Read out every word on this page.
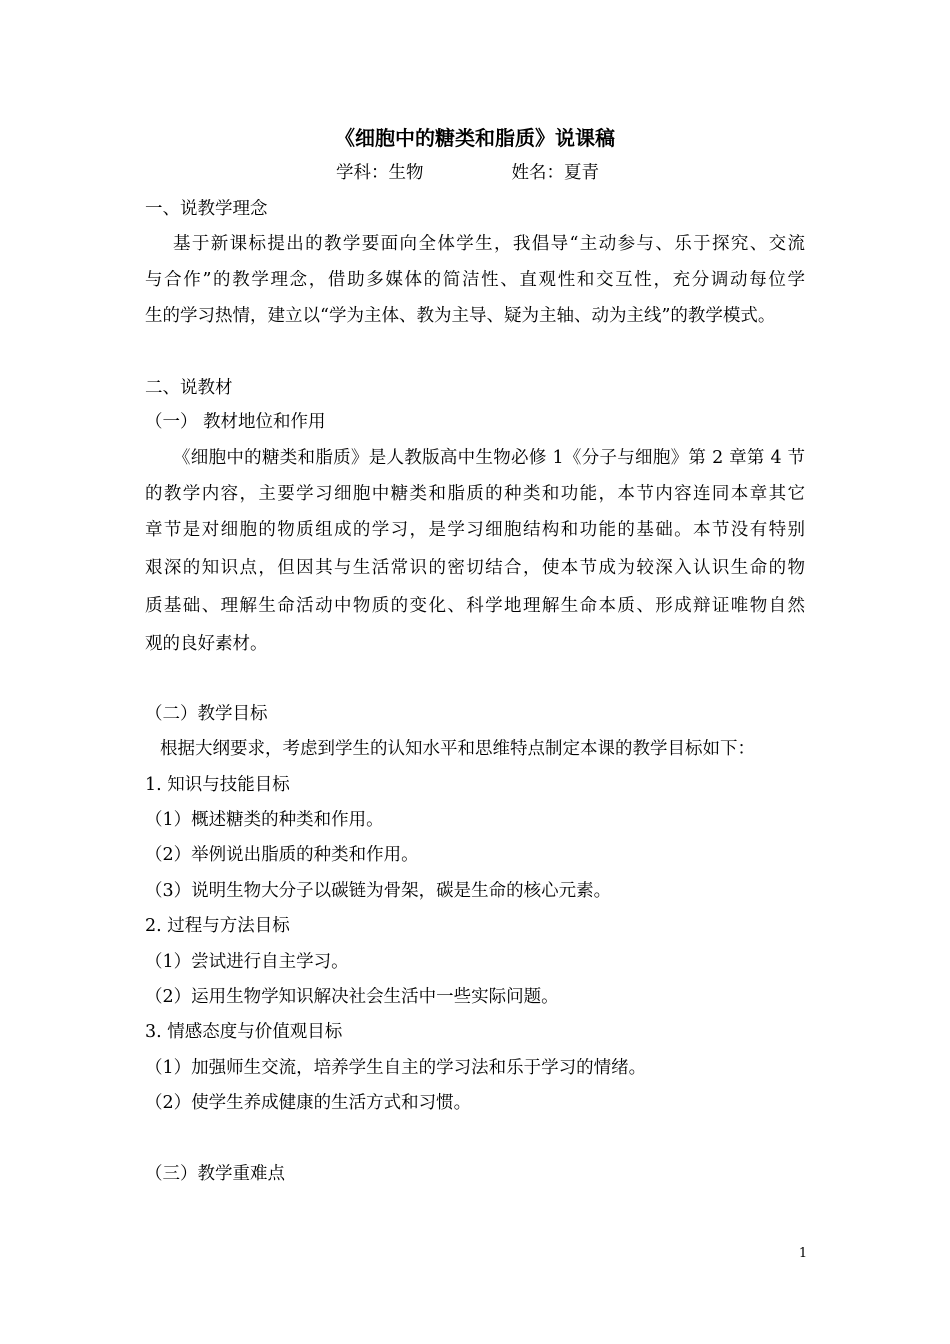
《细胞中的糖类和脂质》说课稿
学科：生物	姓名：夏青
一、说教学理念
基于新课标提出的教学要面向全体学生，我倡导“主动参与、乐于探究、交流
与合作”的教学理念，借助多媒体的简洁性、直观性和交互性，充分调动每位学
生的学习热情，建立以“学为主体、教为主导、疑为主轴、动为主线”的教学模式。
二、说教材
（一） 教材地位和作用
《细胞中的糖类和脂质》是人教版高中生物必修 1《分子与细胞》第 2 章第 4 节
的教学内容，主要学习细胞中糖类和脂质的种类和功能，本节内容连同本章其它
章节是对细胞的物质组成的学习，是学习细胞结构和功能的基础。本节没有特别
艰深的知识点，但因其与生活常识的密切结合，使本节成为较深入认识生命的物
质基础、理解生命活动中物质的变化、科学地理解生命本质、形成辩证唯物自然
观的良好素材。
（二）教学目标
根据大纲要求，考虑到学生的认知水平和思维特点制定本课的教学目标如下：
1. 知识与技能目标
（1）概述糖类的种类和作用。
（2）举例说出脂质的种类和作用。
（3）说明生物大分子以碳链为骨架，碳是生命的核心元素。
2. 过程与方法目标
（1）尝试进行自主学习。
（2）运用生物学知识解决社会生活中一些实际问题。
3. 情感态度与价值观目标
（1）加强师生交流，培养学生自主的学习法和乐于学习的情绪。
（2）使学生养成健康的生活方式和习惯。
（三）教学重难点
1
